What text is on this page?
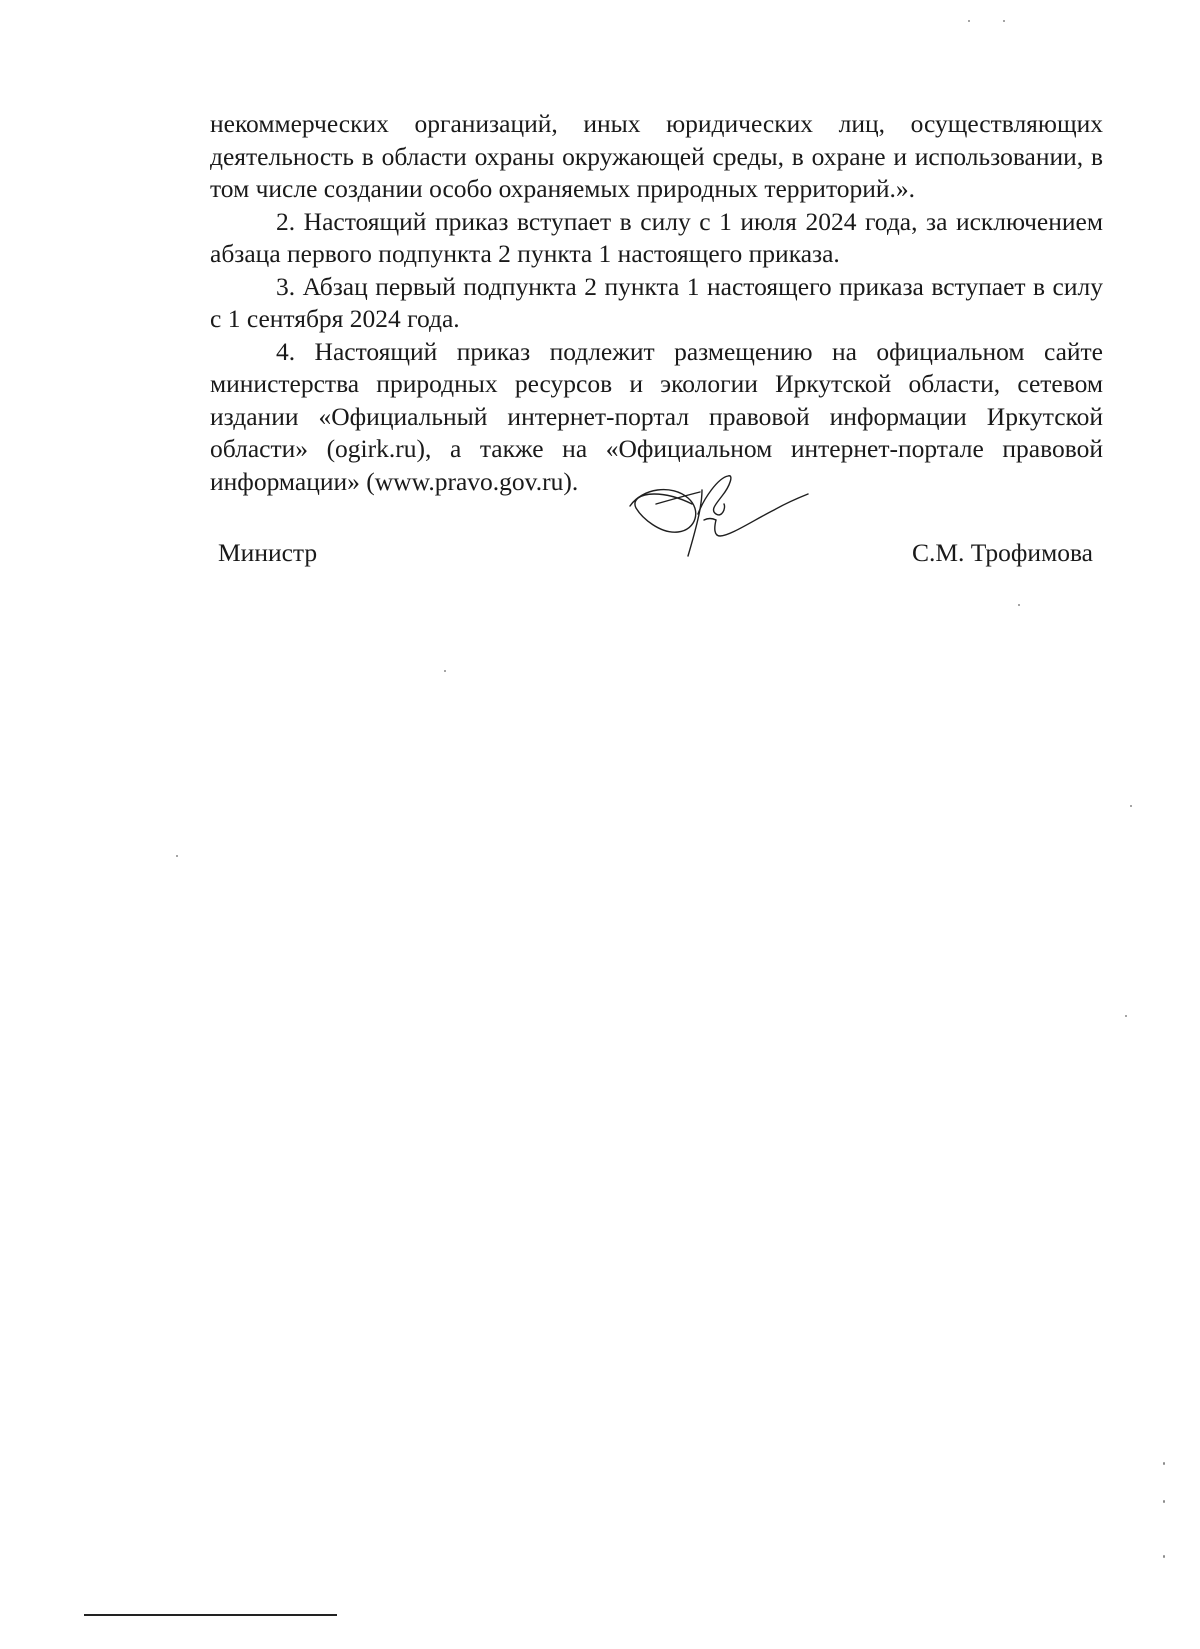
некоммерческих организаций, иных юридических лиц, осуществляющих деятельность в области охраны окружающей среды, в охране и использовании, в том числе создании особо охраняемых природных территорий.».

2. Настоящий приказ вступает в силу с 1 июля 2024 года, за исключением абзаца первого подпункта 2 пункта 1 настоящего приказа.

3. Абзац первый подпункта 2 пункта 1 настоящего приказа вступает в силу с 1 сентября 2024 года.

4. Настоящий приказ подлежит размещению на официальном сайте министерства природных ресурсов и экологии Иркутской области, сетевом издании «Официальный интернет-портал правовой информации Иркутской области» (ogirk.ru), а также на «Официальном интернет-портале правовой информации» (www.pravo.gov.ru).

Министр	С.М. Трофимова
